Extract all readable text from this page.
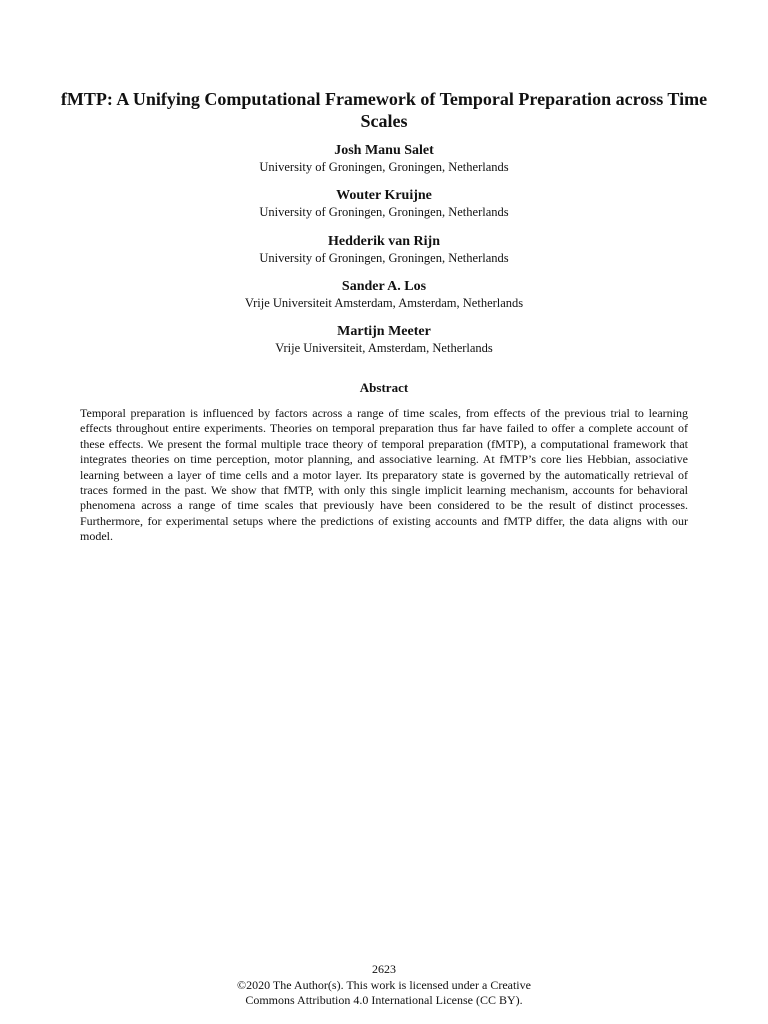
fMTP: A Unifying Computational Framework of Temporal Preparation across Time Scales
Josh Manu Salet
University of Groningen, Groningen, Netherlands
Wouter Kruijne
University of Groningen, Groningen, Netherlands
Hedderik van Rijn
University of Groningen, Groningen, Netherlands
Sander A. Los
Vrije Universiteit Amsterdam, Amsterdam, Netherlands
Martijn Meeter
Vrije Universiteit, Amsterdam, Netherlands
Abstract

Temporal preparation is influenced by factors across a range of time scales, from effects of the previous trial to learning effects throughout entire experiments. Theories on temporal preparation thus far have failed to offer a complete account of these effects. We present the formal multiple trace theory of temporal preparation (fMTP), a computational framework that integrates theories on time perception, motor planning, and associative learning. At fMTP’s core lies Hebbian, associative learning between a layer of time cells and a motor layer. Its preparatory state is governed by the automatically retrieval of traces formed in the past. We show that fMTP, with only this single implicit learning mechanism, accounts for behavioral phenomena across a range of time scales that previously have been considered to be the result of distinct processes. Furthermore, for experimental setups where the predictions of existing accounts and fMTP differ, the data aligns with our model.

2623
©2020 The Author(s). This work is licensed under a Creative
Commons Attribution 4.0 International License (CC BY).
